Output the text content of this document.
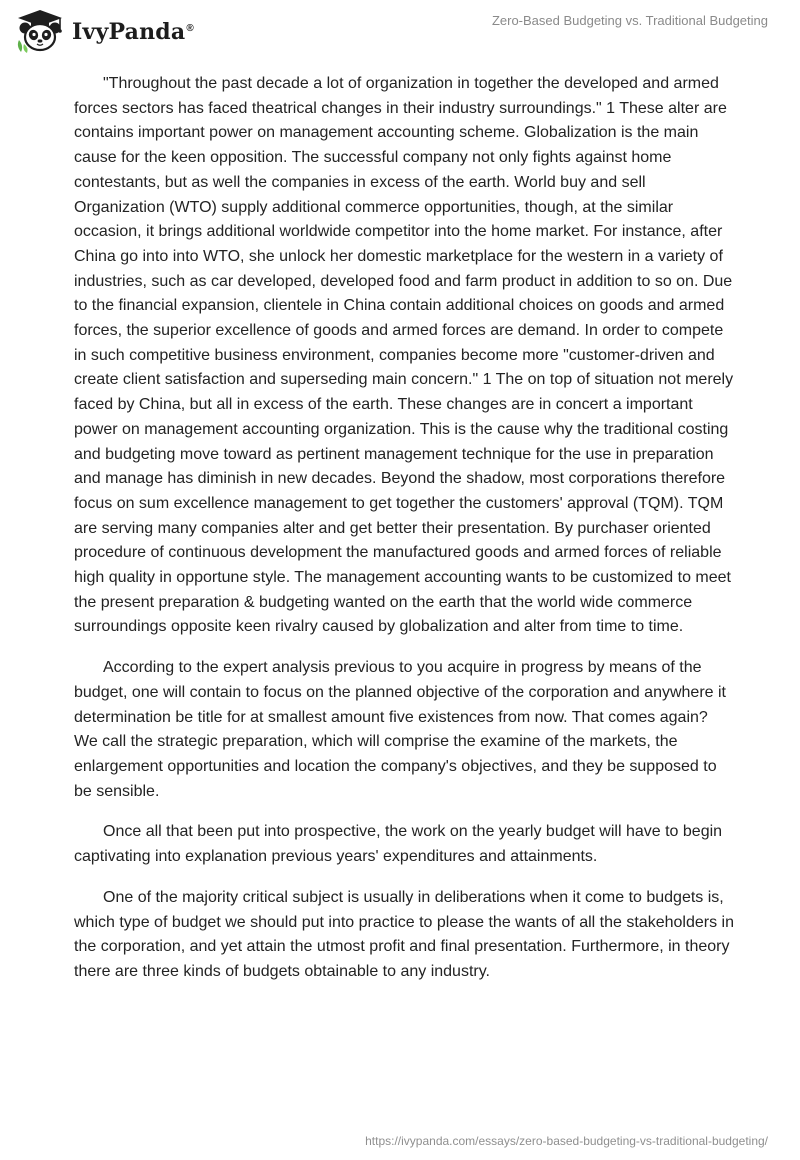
IvyPanda®
Zero-Based Budgeting vs. Traditional Budgeting

"Throughout the past decade a lot of organization in together the developed and armed forces sectors has faced theatrical changes in their industry surroundings." 1 These alter are contains important power on management accounting scheme. Globalization is the main cause for the keen opposition. The successful company not only fights against home contestants, but as well the companies in excess of the earth. World buy and sell Organization (WTO) supply additional commerce opportunities, though, at the similar occasion, it brings additional worldwide competitor into the home market. For instance, after China go into into WTO, she unlock her domestic marketplace for the western in a variety of industries, such as car developed, developed food and farm product in addition to so on. Due to the financial expansion, clientele in China contain additional choices on goods and armed forces, the superior excellence of goods and armed forces are demand. In order to compete in such competitive business environment, companies become more "customer-driven and create client satisfaction and superseding main concern." 1 The on top of situation not merely faced by China, but all in excess of the earth. These changes are in concert a important power on management accounting organization. This is the cause why the traditional costing and budgeting move toward as pertinent management technique for the use in preparation and manage has diminish in new decades. Beyond the shadow, most corporations therefore focus on sum excellence management to get together the customers' approval (TQM). TQM are serving many companies alter and get better their presentation. By purchaser oriented procedure of continuous development the manufactured goods and armed forces of reliable high quality in opportune style. The management accounting wants to be customized to meet the present preparation & budgeting wanted on the earth that the world wide commerce surroundings opposite keen rivalry caused by globalization and alter from time to time.

According to the expert analysis previous to you acquire in progress by means of the budget, one will contain to focus on the planned objective of the corporation and anywhere it determination be title for at smallest amount five existences from now. That comes again? We call the strategic preparation, which will comprise the examine of the markets, the enlargement opportunities and location the company's objectives, and they be supposed to be sensible.

Once all that been put into prospective, the work on the yearly budget will have to begin captivating into explanation previous years' expenditures and attainments.

One of the majority critical subject is usually in deliberations when it come to budgets is, which type of budget we should put into practice to please the wants of all the stakeholders in the corporation, and yet attain the utmost profit and final presentation. Furthermore, in theory there are three kinds of budgets obtainable to any industry.

https://ivypanda.com/essays/zero-based-budgeting-vs-traditional-budgeting/
